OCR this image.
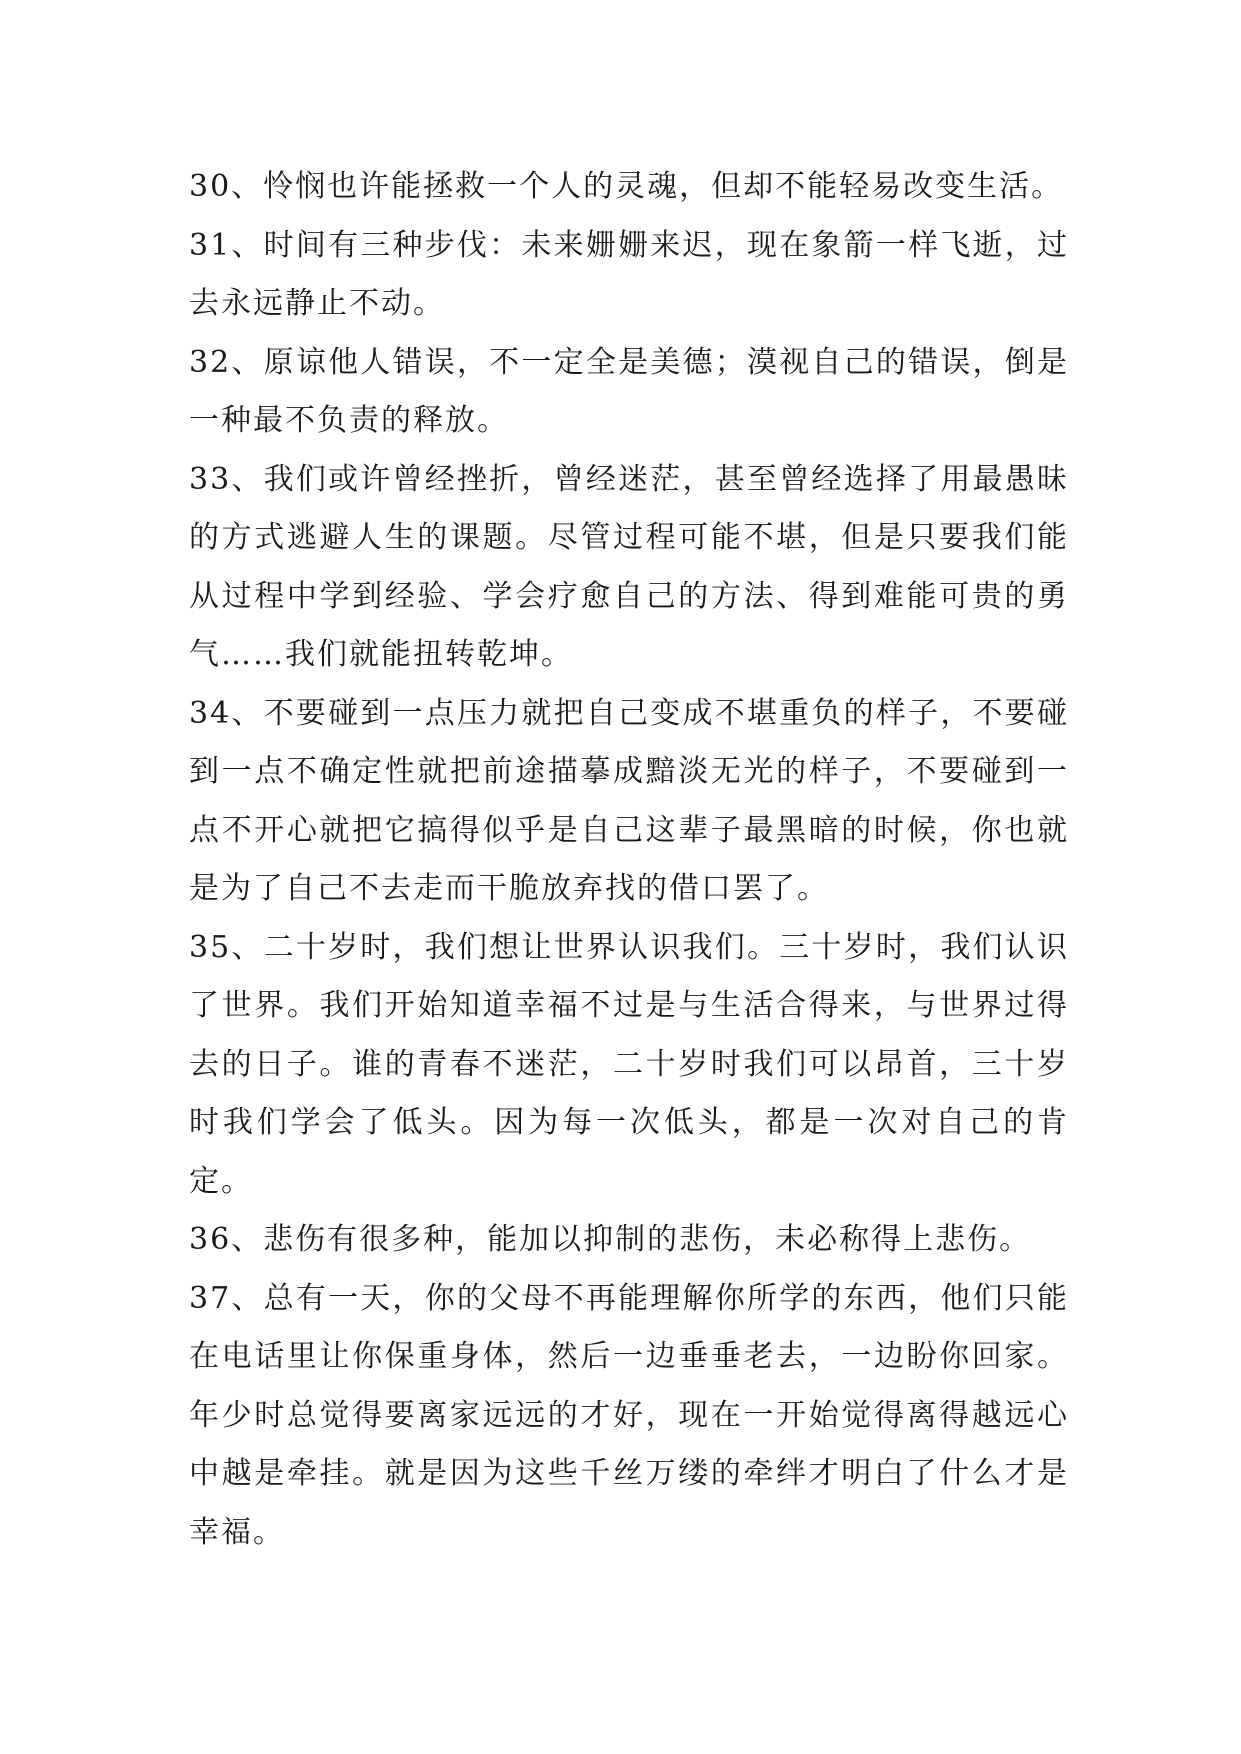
30、怜悯也许能拯救一个人的灵魂，但却不能轻易改变生活。

31、时间有三种步伐：未来姗姗来迟，现在象箭一样飞逝，过去永远静止不动。

32、原谅他人错误，不一定全是美德；漠视自己的错误，倒是一种最不负责的释放。

33、我们或许曾经挫折，曾经迷茫，甚至曾经选择了用最愚昧的方式逃避人生的课题。尽管过程可能不堪，但是只要我们能从过程中学到经验、学会疗愈自己的方法、得到难能可贵的勇气……我们就能扭转乾坤。

34、不要碰到一点压力就把自己变成不堪重负的样子，不要碰到一点不确定性就把前途描摹成黯淡无光的样子，不要碰到一点不开心就把它搞得似乎是自己这辈子最黑暗的时候，你也就是为了自己不去走而干脆放弃找的借口罢了。

35、二十岁时，我们想让世界认识我们。三十岁时，我们认识了世界。我们开始知道幸福不过是与生活合得来，与世界过得去的日子。谁的青春不迷茫，二十岁时我们可以昂首，三十岁时我们学会了低头。因为每一次低头，都是一次对自己的肯定。

36、悲伤有很多种，能加以抑制的悲伤，未必称得上悲伤。

37、总有一天，你的父母不再能理解你所学的东西，他们只能在电话里让你保重身体，然后一边垂垂老去，一边盼你回家。年少时总觉得要离家远远的才好，现在一开始觉得离得越远心中越是牵挂。就是因为这些千丝万缕的牵绊才明白了什么才是幸福。
